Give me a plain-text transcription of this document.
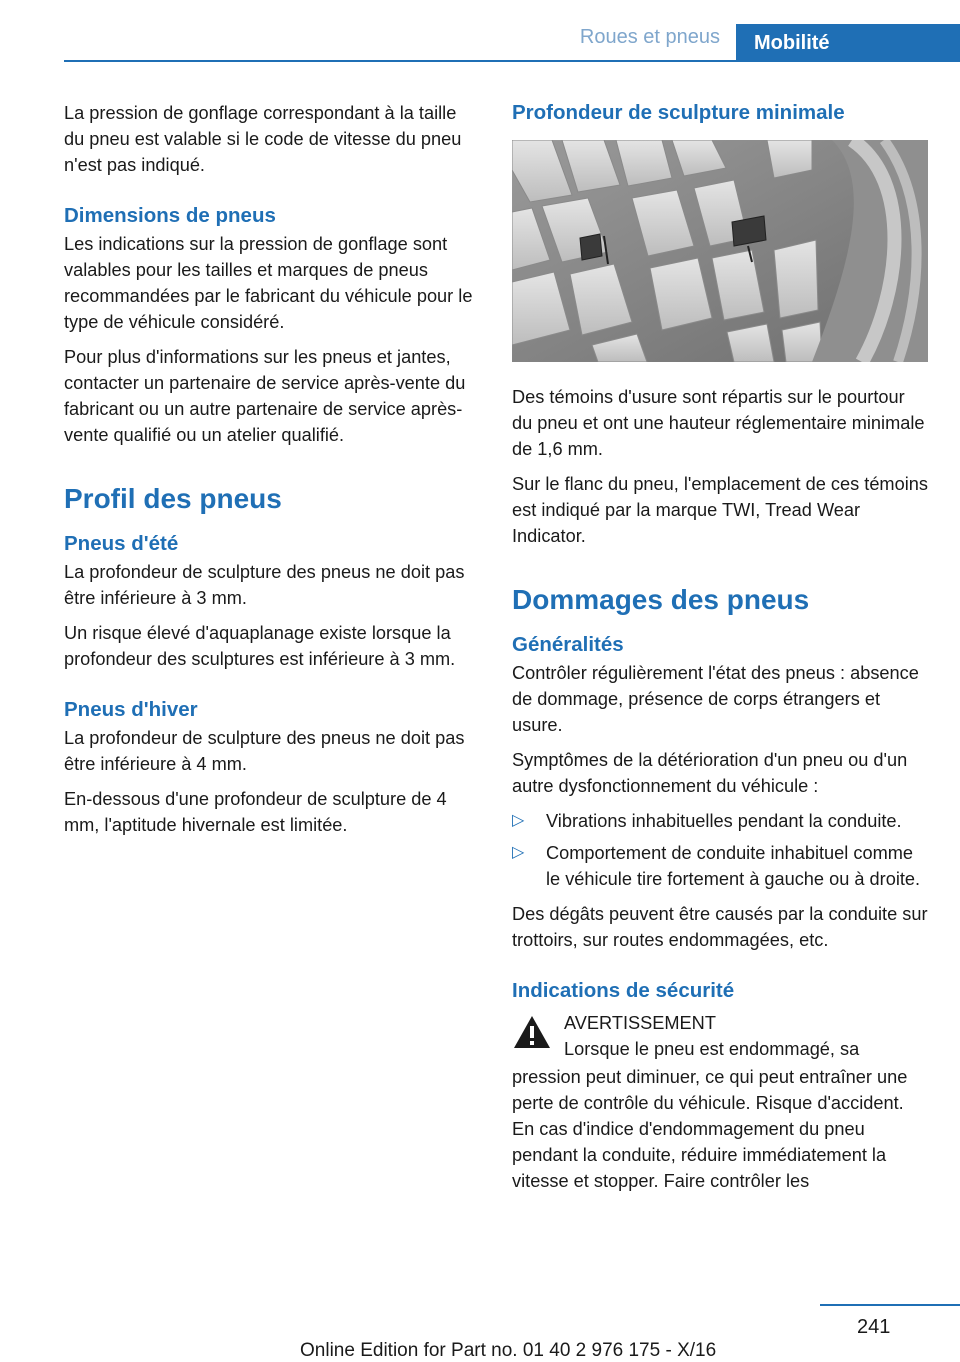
Roues et pneus Mobilité

La pression de gonflage correspondant à la taille du pneu est valable si le code de vitesse du pneu n'est pas indiqué.

Dimensions de pneus

Les indications sur la pression de gonflage sont valables pour les tailles et marques de pneus recommandées par le fabricant du véhicule pour le type de véhicule considéré.

Pour plus d'informations sur les pneus et jantes, contacter un partenaire de service après-vente du fabricant ou un autre partenaire de service après-vente qualifié ou un atelier qualifié.

Profil des pneus
Pneus d'été

La profondeur de sculpture des pneus ne doit pas être inférieure à 3 mm.

Un risque élevé d'aquaplanage existe lorsque la profondeur des sculptures est inférieure à 3 mm.

Pneus d'hiver

La profondeur de sculpture des pneus ne doit pas être inférieure à 4 mm.

En-dessous d'une profondeur de sculpture de 4 mm, l'aptitude hivernale est limitée.

Profondeur de sculpture minimale

Des témoins d'usure sont répartis sur le pourtour du pneu et ont une hauteur réglementaire minimale de 1,6 mm.

Sur le flanc du pneu, l'emplacement de ces témoins est indiqué par la marque TWI, Tread Wear Indicator.

Dommages des pneus
Généralités

Contrôler régulièrement l'état des pneus : absence de dommage, présence de corps étrangers et usure.

Symptômes de la détérioration d'un pneu ou d'un autre dysfonctionnement du véhicule :

▷ Vibrations inhabituelles pendant la conduite.
▷ Comportement de conduite inhabituel comme le véhicule tire fortement à gauche ou à droite.

Des dégâts peuvent être causés par la conduite sur trottoirs, sur routes endommagées, etc.

Indications de sécurité
AVERTISSEMENT
Lorsque le pneu est endommagé, sa
pression peut diminuer, ce qui peut entraîner une perte de contrôle du véhicule. Risque d'accident. En cas d'indice d'endommagement du pneu pendant la conduite, réduire immédiatement la vitesse et stopper. Faire contrôler les
241
Online Edition for Part no. 01 40 2 976 175 - X/16
